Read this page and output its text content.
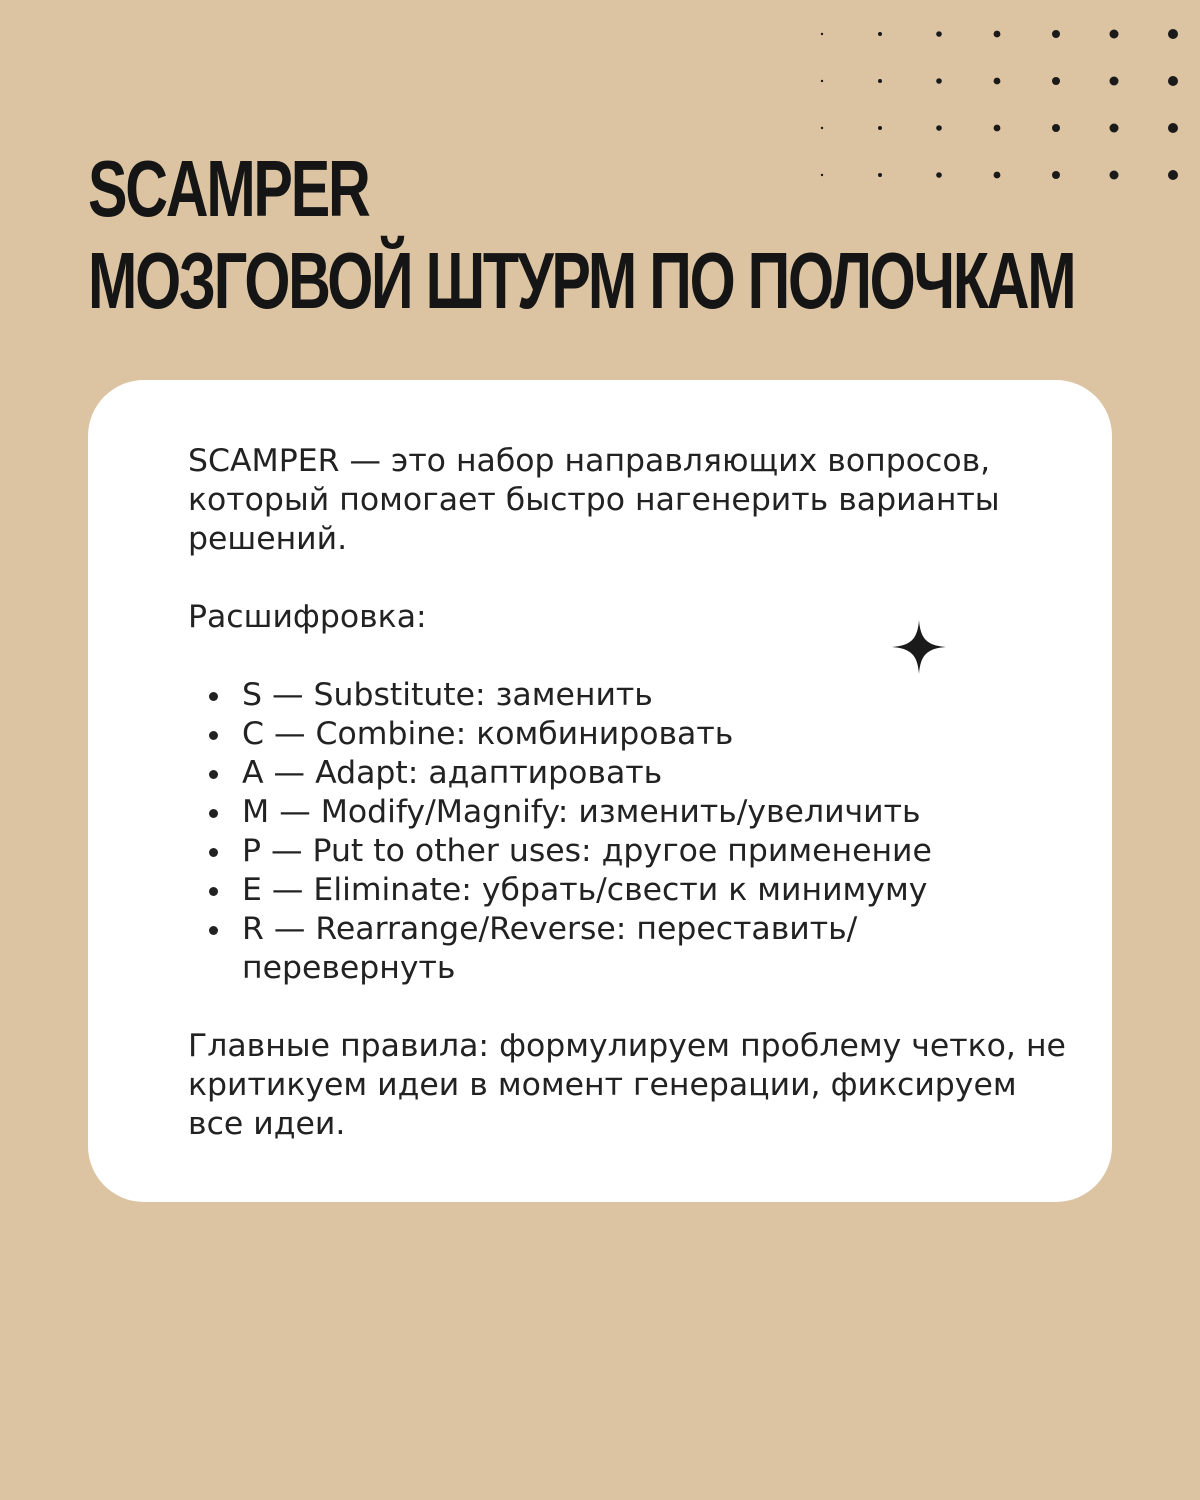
SCAMPER
МОЗГОВОЙ ШТУРМ ПО ПОЛОЧКАМ

SCAMPER — это набор направляющих вопросов, который помогает быстро нагенерить варианты решений.

Расшифровка:

S — Substitute: заменить
C — Combine: комбинировать
A — Adapt: адаптировать
M — Modify/Magnify: изменить/увеличить
P — Put to other uses: другое применение
E — Eliminate: убрать/свести к минимуму
R — Rearrange/Reverse: переставить/ перевернуть

Главные правила: формулируем проблему четко, не критикуем идеи в момент генерации, фиксируем все идеи.
